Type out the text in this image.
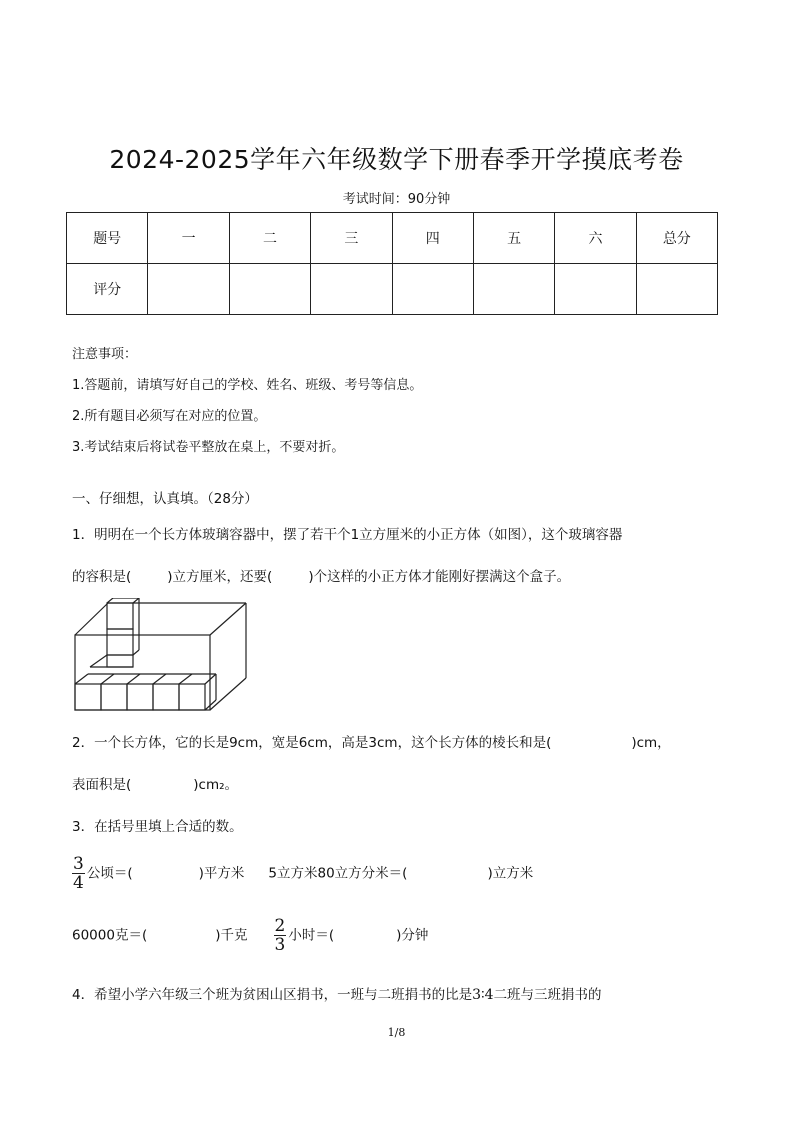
2024-2025学年六年级数学下册春季开学摸底考卷
考试时间：90分钟
题号	一	二	三	四	五	六	总分
评分							
注意事项：
1.答题前，请填写好自己的学校、姓名、班级、考号等信息。
2.所有题目必须写在对应的位置。
3.考试结束后将试卷平整放在桌上，不要对折。
一、仔细想，认真填。（28分）
1．明明在一个长方体玻璃容器中，摆了若干个1立方厘米的小正方体（如图），这个玻璃容器
的容积是(	)立方厘米，还要(	)个这样的小正方体才能刚好摆满这个盒子。
2．一个长方体，它的长是9cm，宽是6cm，高是3cm，这个长方体的棱长和是(	)cm，
表面积是(	)cm₂。
3．在括号里填上合适的数。
$\frac{3}{4}$ 公顷＝(	)平方米 5立方米80立方分米＝(	)立方米
60000克＝(	)千克 $\frac{2}{3}$ 小时＝(	)分钟
4．希望小学六年级三个班为贫困山区捐书，一班与二班捐书的比是3∶4二班与三班捐书的
1/8
